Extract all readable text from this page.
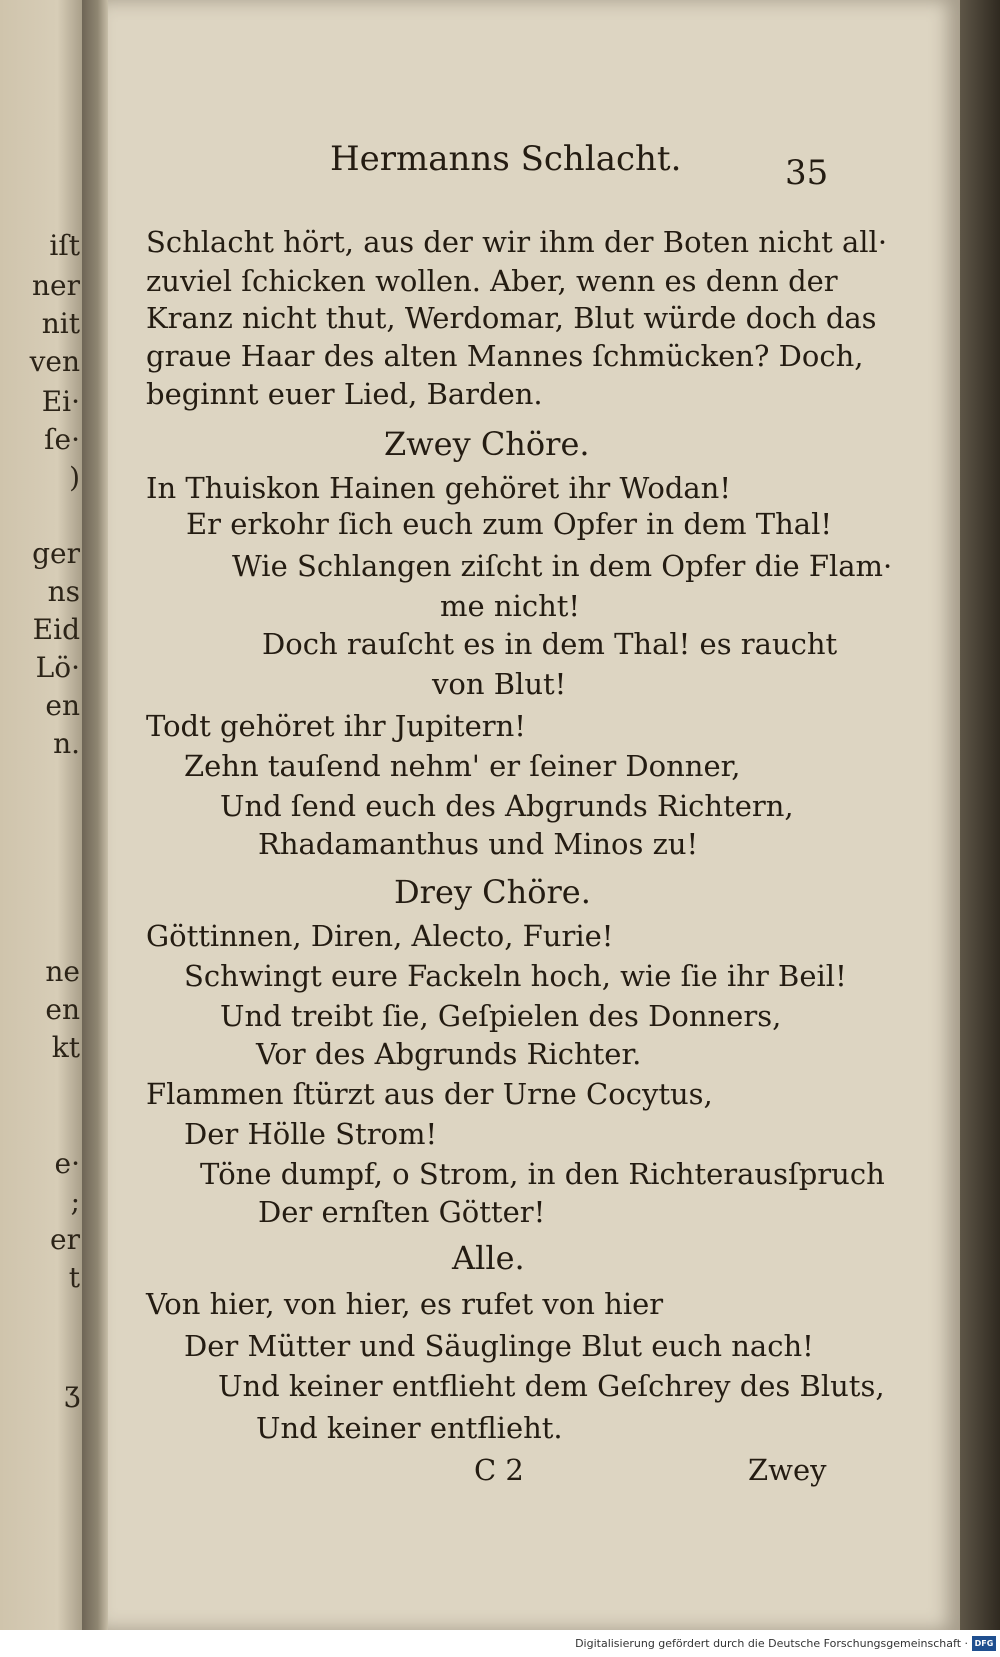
iſt
ner
nit
ven
Ei·
ſe·
)
ger
ns
Eid
Lö·
en
n.
ne
en
kt
e·
;
er
t
ʒ
Hermanns Schlacht.	35
Schlacht hört, aus der wir ihm der Boten nicht all·
zuviel ſchicken wollen. Aber, wenn es denn der
Kranz nicht thut, Werdomar, Blut würde doch das
graue Haar des alten Mannes ſchmücken? Doch,
beginnt euer Lied, Barden.
Zwey Chöre.
In Thuiskon Hainen gehöret ihr Wodan!
Er erkohr ſich euch zum Opfer in dem Thal!
Wie Schlangen ziſcht in dem Opfer die Flam·
me nicht!
Doch rauſcht es in dem Thal! es raucht
von Blut!
Todt gehöret ihr Jupitern!
Zehn tauſend nehm' er ſeiner Donner,
Und ſend euch des Abgrunds Richtern,
Rhadamanthus und Minos zu!
Drey Chöre.
Göttinnen, Diren, Alecto, Furie!
Schwingt eure Fackeln hoch, wie ſie ihr Beil!
Und treibt ſie, Geſpielen des Donners,
Vor des Abgrunds Richter.
Flammen ſtürzt aus der Urne Cocytus,
Der Hölle Strom!
Töne dumpf, o Strom, in den Richterausſpruch
Der ernſten Götter!
Alle.
Von hier, von hier, es rufet von hier
Der Mütter und Säuglinge Blut euch nach!
Und keiner entflieht dem Geſchrey des Bluts,
Und keiner entflieht.
C 2	Zwey
Digitalisierung gefördert durch die Deutsche Forschungsgemeinschaft · DFG
